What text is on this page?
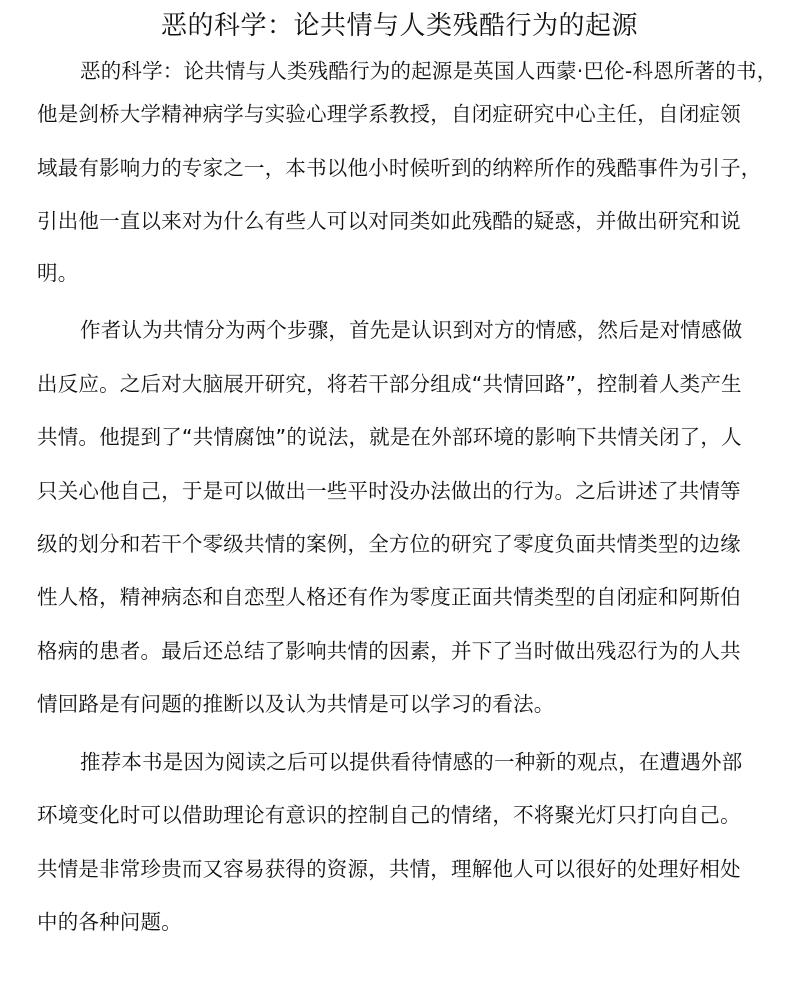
恶的科学：论共情与人类残酷行为的起源
恶的科学：论共情与人类残酷行为的起源是英国人西蒙·巴伦-科恩所著的书，
他是剑桥大学精神病学与实验心理学系教授，自闭症研究中心主任，自闭症领
域最有影响力的专家之一，本书以他小时候听到的纳粹所作的残酷事件为引子，
引出他一直以来对为什么有些人可以对同类如此残酷的疑惑，并做出研究和说
明。
作者认为共情分为两个步骤，首先是认识到对方的情感，然后是对情感做
出反应。之后对大脑展开研究，将若干部分组成“共情回路”，控制着人类产生
共情。他提到了“共情腐蚀”的说法，就是在外部环境的影响下共情关闭了，人
只关心他自己，于是可以做出一些平时没办法做出的行为。之后讲述了共情等
级的划分和若干个零级共情的案例，全方位的研究了零度负面共情类型的边缘
性人格，精神病态和自恋型人格还有作为零度正面共情类型的自闭症和阿斯伯
格病的患者。最后还总结了影响共情的因素，并下了当时做出残忍行为的人共
情回路是有问题的推断以及认为共情是可以学习的看法。
推荐本书是因为阅读之后可以提供看待情感的一种新的观点，在遭遇外部
环境变化时可以借助理论有意识的控制自己的情绪，不将聚光灯只打向自己。
共情是非常珍贵而又容易获得的资源，共情，理解他人可以很好的处理好相处
中的各种问题。
